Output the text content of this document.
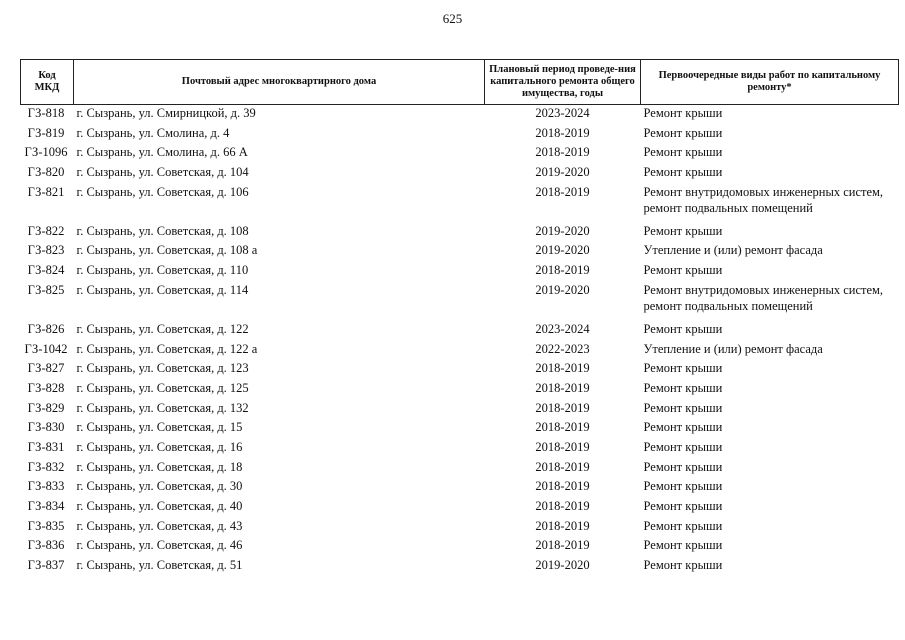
625
Код МКД	Почтовый адрес многоквартирного дома	Плановый период проведе-ния капитального ремонта общего имущества, годы	Первоочередные виды работ по капитальному ремонту*
ГЗ-818	г. Сызрань, ул. Смирницкой, д. 39	2023-2024	Ремонт крыши
ГЗ-819	г. Сызрань, ул. Смолина, д. 4	2018-2019	Ремонт крыши
ГЗ-1096	г. Сызрань, ул. Смолина, д. 66 А	2018-2019	Ремонт крыши
ГЗ-820	г. Сызрань, ул. Советская, д. 104	2019-2020	Ремонт крыши
ГЗ-821	г. Сызрань, ул. Советская, д. 106	2018-2019	Ремонт внутридомовых инженерных систем, ремонт подвальных помещений
ГЗ-822	г. Сызрань, ул. Советская, д. 108	2019-2020	Ремонт крыши
ГЗ-823	г. Сызрань, ул. Советская, д. 108 а	2019-2020	Утепление и (или) ремонт фасада
ГЗ-824	г. Сызрань, ул. Советская, д. 110	2018-2019	Ремонт крыши
ГЗ-825	г. Сызрань, ул. Советская, д. 114	2019-2020	Ремонт внутридомовых инженерных систем, ремонт подвальных помещений
ГЗ-826	г. Сызрань, ул. Советская, д. 122	2023-2024	Ремонт крыши
ГЗ-1042	г. Сызрань, ул. Советская, д. 122 а	2022-2023	Утепление и (или) ремонт фасада
ГЗ-827	г. Сызрань, ул. Советская, д. 123	2018-2019	Ремонт крыши
ГЗ-828	г. Сызрань, ул. Советская, д. 125	2018-2019	Ремонт крыши
ГЗ-829	г. Сызрань, ул. Советская, д. 132	2018-2019	Ремонт крыши
ГЗ-830	г. Сызрань, ул. Советская, д. 15	2018-2019	Ремонт крыши
ГЗ-831	г. Сызрань, ул. Советская, д. 16	2018-2019	Ремонт крыши
ГЗ-832	г. Сызрань, ул. Советская, д. 18	2018-2019	Ремонт крыши
ГЗ-833	г. Сызрань, ул. Советская, д. 30	2018-2019	Ремонт крыши
ГЗ-834	г. Сызрань, ул. Советская, д. 40	2018-2019	Ремонт крыши
ГЗ-835	г. Сызрань, ул. Советская, д. 43	2018-2019	Ремонт крыши
ГЗ-836	г. Сызрань, ул. Советская, д. 46	2018-2019	Ремонт крыши
ГЗ-837	г. Сызрань, ул. Советская, д. 51	2019-2020	Ремонт крыши
